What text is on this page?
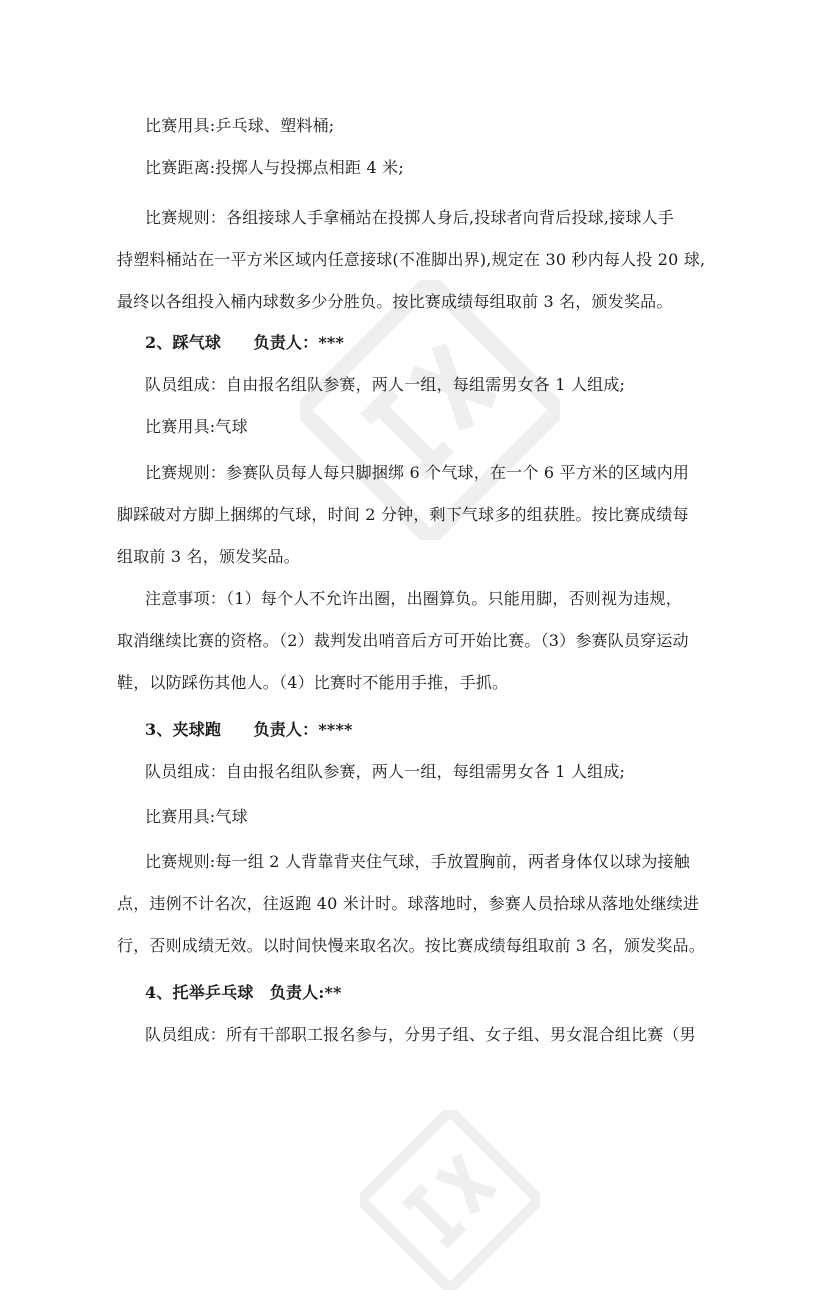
比赛用具:乒乓球、塑料桶;
比赛距离:投掷人与投掷点相距 4 米;
比赛规则：各组接球人手拿桶站在投掷人身后,投球者向背后投球,接球人手
持塑料桶站在一平方米区域内任意接球(不准脚出界),规定在 30 秒内每人投 20 球,
最终以各组投入桶内球数多少分胜负。按比赛成绩每组取前 3 名，颁发奖品。
2、踩气球　　负责人：***
队员组成：自由报名组队参赛，两人一组，每组需男女各 1 人组成;
比赛用具:气球
比赛规则：参赛队员每人每只脚捆绑 6 个气球，在一个 6 平方米的区域内用
脚踩破对方脚上捆绑的气球，时间 2 分钟，剩下气球多的组获胜。按比赛成绩每
组取前 3 名，颁发奖品。
注意事项：（1）每个人不允许出圈，出圈算负。只能用脚，否则视为违规，
取消继续比赛的资格。（2）裁判发出哨音后方可开始比赛。（3）参赛队员穿运动
鞋，以防踩伤其他人。（4）比赛时不能用手推，手抓。
3、夹球跑　　负责人：****
队员组成：自由报名组队参赛，两人一组，每组需男女各 1 人组成;
比赛用具:气球
比赛规则:每一组 2 人背靠背夹住气球，手放置胸前，两者身体仅以球为接触
点，违例不计名次，往返跑 40 米计时。球落地时，参赛人员拾球从落地处继续进
行，否则成绩无效。以时间快慢来取名次。按比赛成绩每组取前 3 名，颁发奖品。
4、托举乒乓球　负责人:**
队员组成：所有干部职工报名参与，分男子组、女子组、男女混合组比赛（男
